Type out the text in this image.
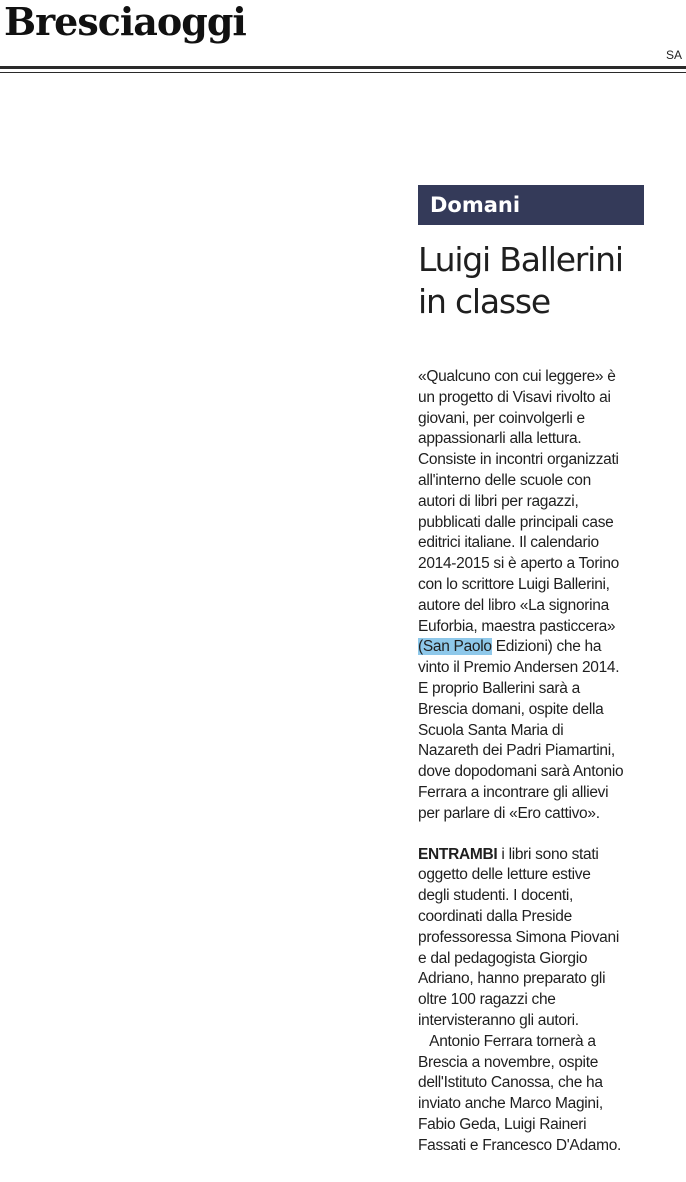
Bresciaoggi
SA
Domani
Luigi Ballerini
in classe
«Qualcuno con cui leggere» è
un progetto di Visavi rivolto ai
giovani, per coinvolgerli e
appassionarli alla lettura.
Consiste in incontri organizzati
all'interno delle scuole con
autori di libri per ragazzi,
pubblicati dalle principali case
editrici italiane. Il calendario
2014-2015 si è aperto a Torino
con lo scrittore Luigi Ballerini,
autore del libro «La signorina
Euforbia, maestra pasticcera»
(San Paolo Edizioni) che ha
vinto il Premio Andersen 2014.
E proprio Ballerini sarà a
Brescia domani, ospite della
Scuola Santa Maria di
Nazareth dei Padri Piamartini,
dove dopodomani sarà Antonio
Ferrara a incontrare gli allievi
per parlare di «Ero cattivo».
ENTRAMBI i libri sono stati
oggetto delle letture estive
degli studenti. I docenti,
coordinati dalla Preside
professoressa Simona Piovani
e dal pedagogista Giorgio
Adriano, hanno preparato gli
oltre 100 ragazzi che
intervisteranno gli autori.
Antonio Ferrara tornerà a
Brescia a novembre, ospite
dell'Istituto Canossa, che ha
inviato anche Marco Magini,
Fabio Geda, Luigi Raineri
Fassati e Francesco D'Adamo.
